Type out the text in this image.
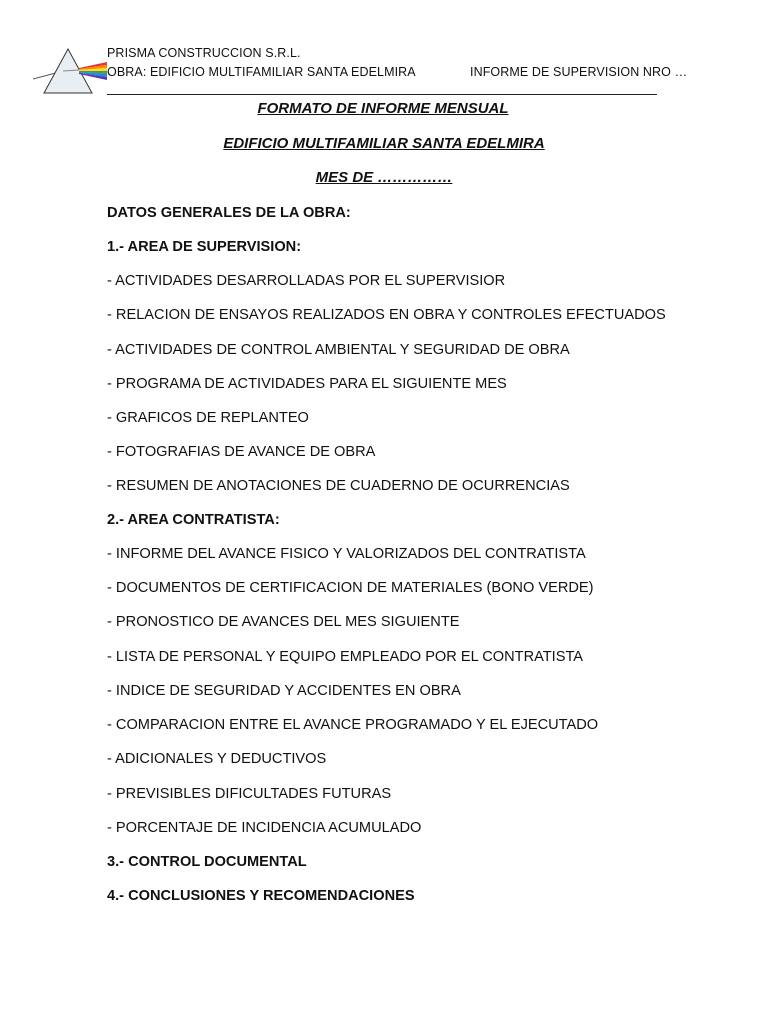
PRISMA CONSTRUCCION S.R.L.
OBRA: EDIFICIO MULTIFAMILIAR SANTA EDELMIRA	INFORME DE SUPERVISION NRO …
FORMATO DE INFORME MENSUAL
EDIFICIO MULTIFAMILIAR SANTA EDELMIRA
MES DE ……………
DATOS GENERALES DE LA OBRA:
1.- AREA DE SUPERVISION:
- ACTIVIDADES DESARROLLADAS POR EL SUPERVISIOR
- RELACION DE ENSAYOS REALIZADOS EN OBRA Y CONTROLES EFECTUADOS
- ACTIVIDADES DE CONTROL AMBIENTAL Y SEGURIDAD DE OBRA
- PROGRAMA DE ACTIVIDADES PARA EL SIGUIENTE MES
- GRAFICOS DE REPLANTEO
- FOTOGRAFIAS DE AVANCE DE OBRA
- RESUMEN DE ANOTACIONES DE CUADERNO DE OCURRENCIAS
2.- AREA CONTRATISTA:
- INFORME DEL AVANCE FISICO Y VALORIZADOS DEL CONTRATISTA
- DOCUMENTOS DE CERTIFICACION DE MATERIALES (BONO VERDE)
- PRONOSTICO DE AVANCES DEL MES SIGUIENTE
- LISTA DE PERSONAL Y EQUIPO EMPLEADO POR EL CONTRATISTA
- INDICE DE SEGURIDAD Y ACCIDENTES EN OBRA
- COMPARACION ENTRE EL AVANCE PROGRAMADO Y EL EJECUTADO
- ADICIONALES Y DEDUCTIVOS
- PREVISIBLES DIFICULTADES FUTURAS
- PORCENTAJE DE INCIDENCIA ACUMULADO
3.- CONTROL DOCUMENTAL
4.- CONCLUSIONES Y RECOMENDACIONES
